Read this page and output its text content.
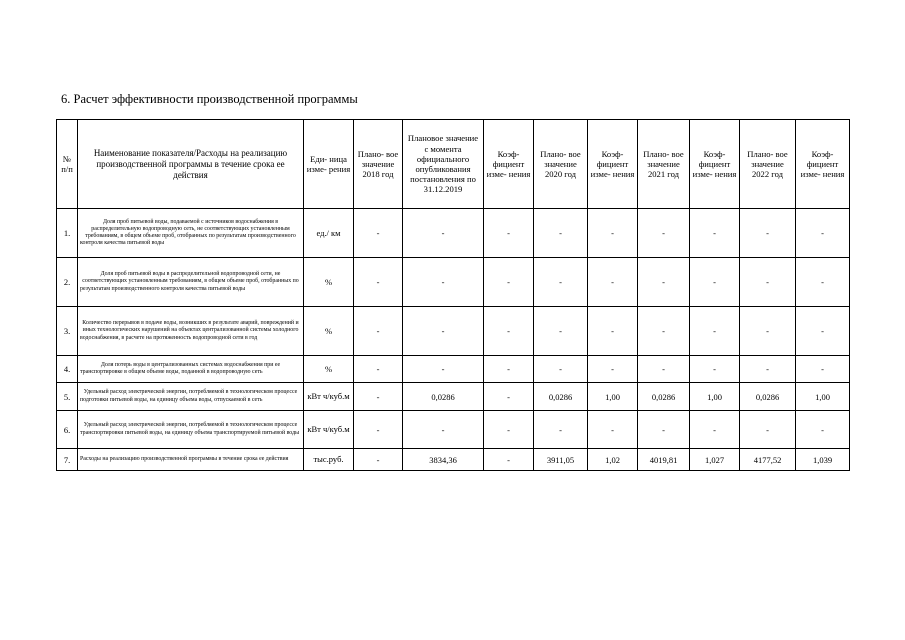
6. Расчет эффективности производственной программы
№ п/п	Наименование показателя/Расходы на реализацию производственной программы в течение срока ее действия	Еди- ница изме- рения	Плано- вое значение 2018 год	Плановое значение с момента официального опубликования постановления по 31.12.2019	Коэф- фициент изме- нения	Плано- вое значение 2020 год	Коэф- фициент изме- нения	Плано- вое значение 2021 год	Коэф- фициент изме- нения	Плано- вое значение 2022 год	Коэф- фициент изме- нения
1.	Доля проб питьевой воды, подаваемой с источников водоснабжения в распределительную водопроводную сеть, не соответствующих установленным требованиям, в общем объеме проб, отобранных по результатам производственного контроля качества питьевой воды	ед./ км	-	-	-	-	-	-	-	-	-
2.	Доля проб питьевой воды в распределительной водопроводной сети, не соответствующих установленным требованиям, в общем объеме проб, отобранных по результатам производственного контроля качества питьевой воды	%	-	-	-	-	-	-	-	-	-
3.	Количество перерывов в подаче воды, возникших в результате аварий, повреждений и иных технологических нарушений на объектах централизованной системы холодного водоснабжения, в расчете на протяженность водопроводной сети в год	%	-	-	-	-	-	-	-	-	-
4.	Доля потерь воды в централизованных системах водоснабжения при ее транспортировке в общем объеме воды, поданной в водопроводную сеть	%	-	-	-	-	-	-	-	-	-
5.	Удельный расход электрической энергии, потребляемой в технологическом процессе подготовки питьевой воды, на единицу объема воды, отпускаемой в сеть	кВт ч/куб.м	-	0,0286	-	0,0286	1,00	0,0286	1,00	0,0286	1,00
6.	Удельный расход электрической энергии, потребляемой в технологическом процессе транспортировки питьевой воды, на единицу объема транспортируемой питьевой воды	кВт ч/куб.м	-	-	-	-	-	-	-	-	-
7.	Расходы на реализацию производственной программы в течение срока ее действия	тыс.руб.	-	3834,36	-	3911,05	1,02	4019,81	1,027	4177,52	1,039
